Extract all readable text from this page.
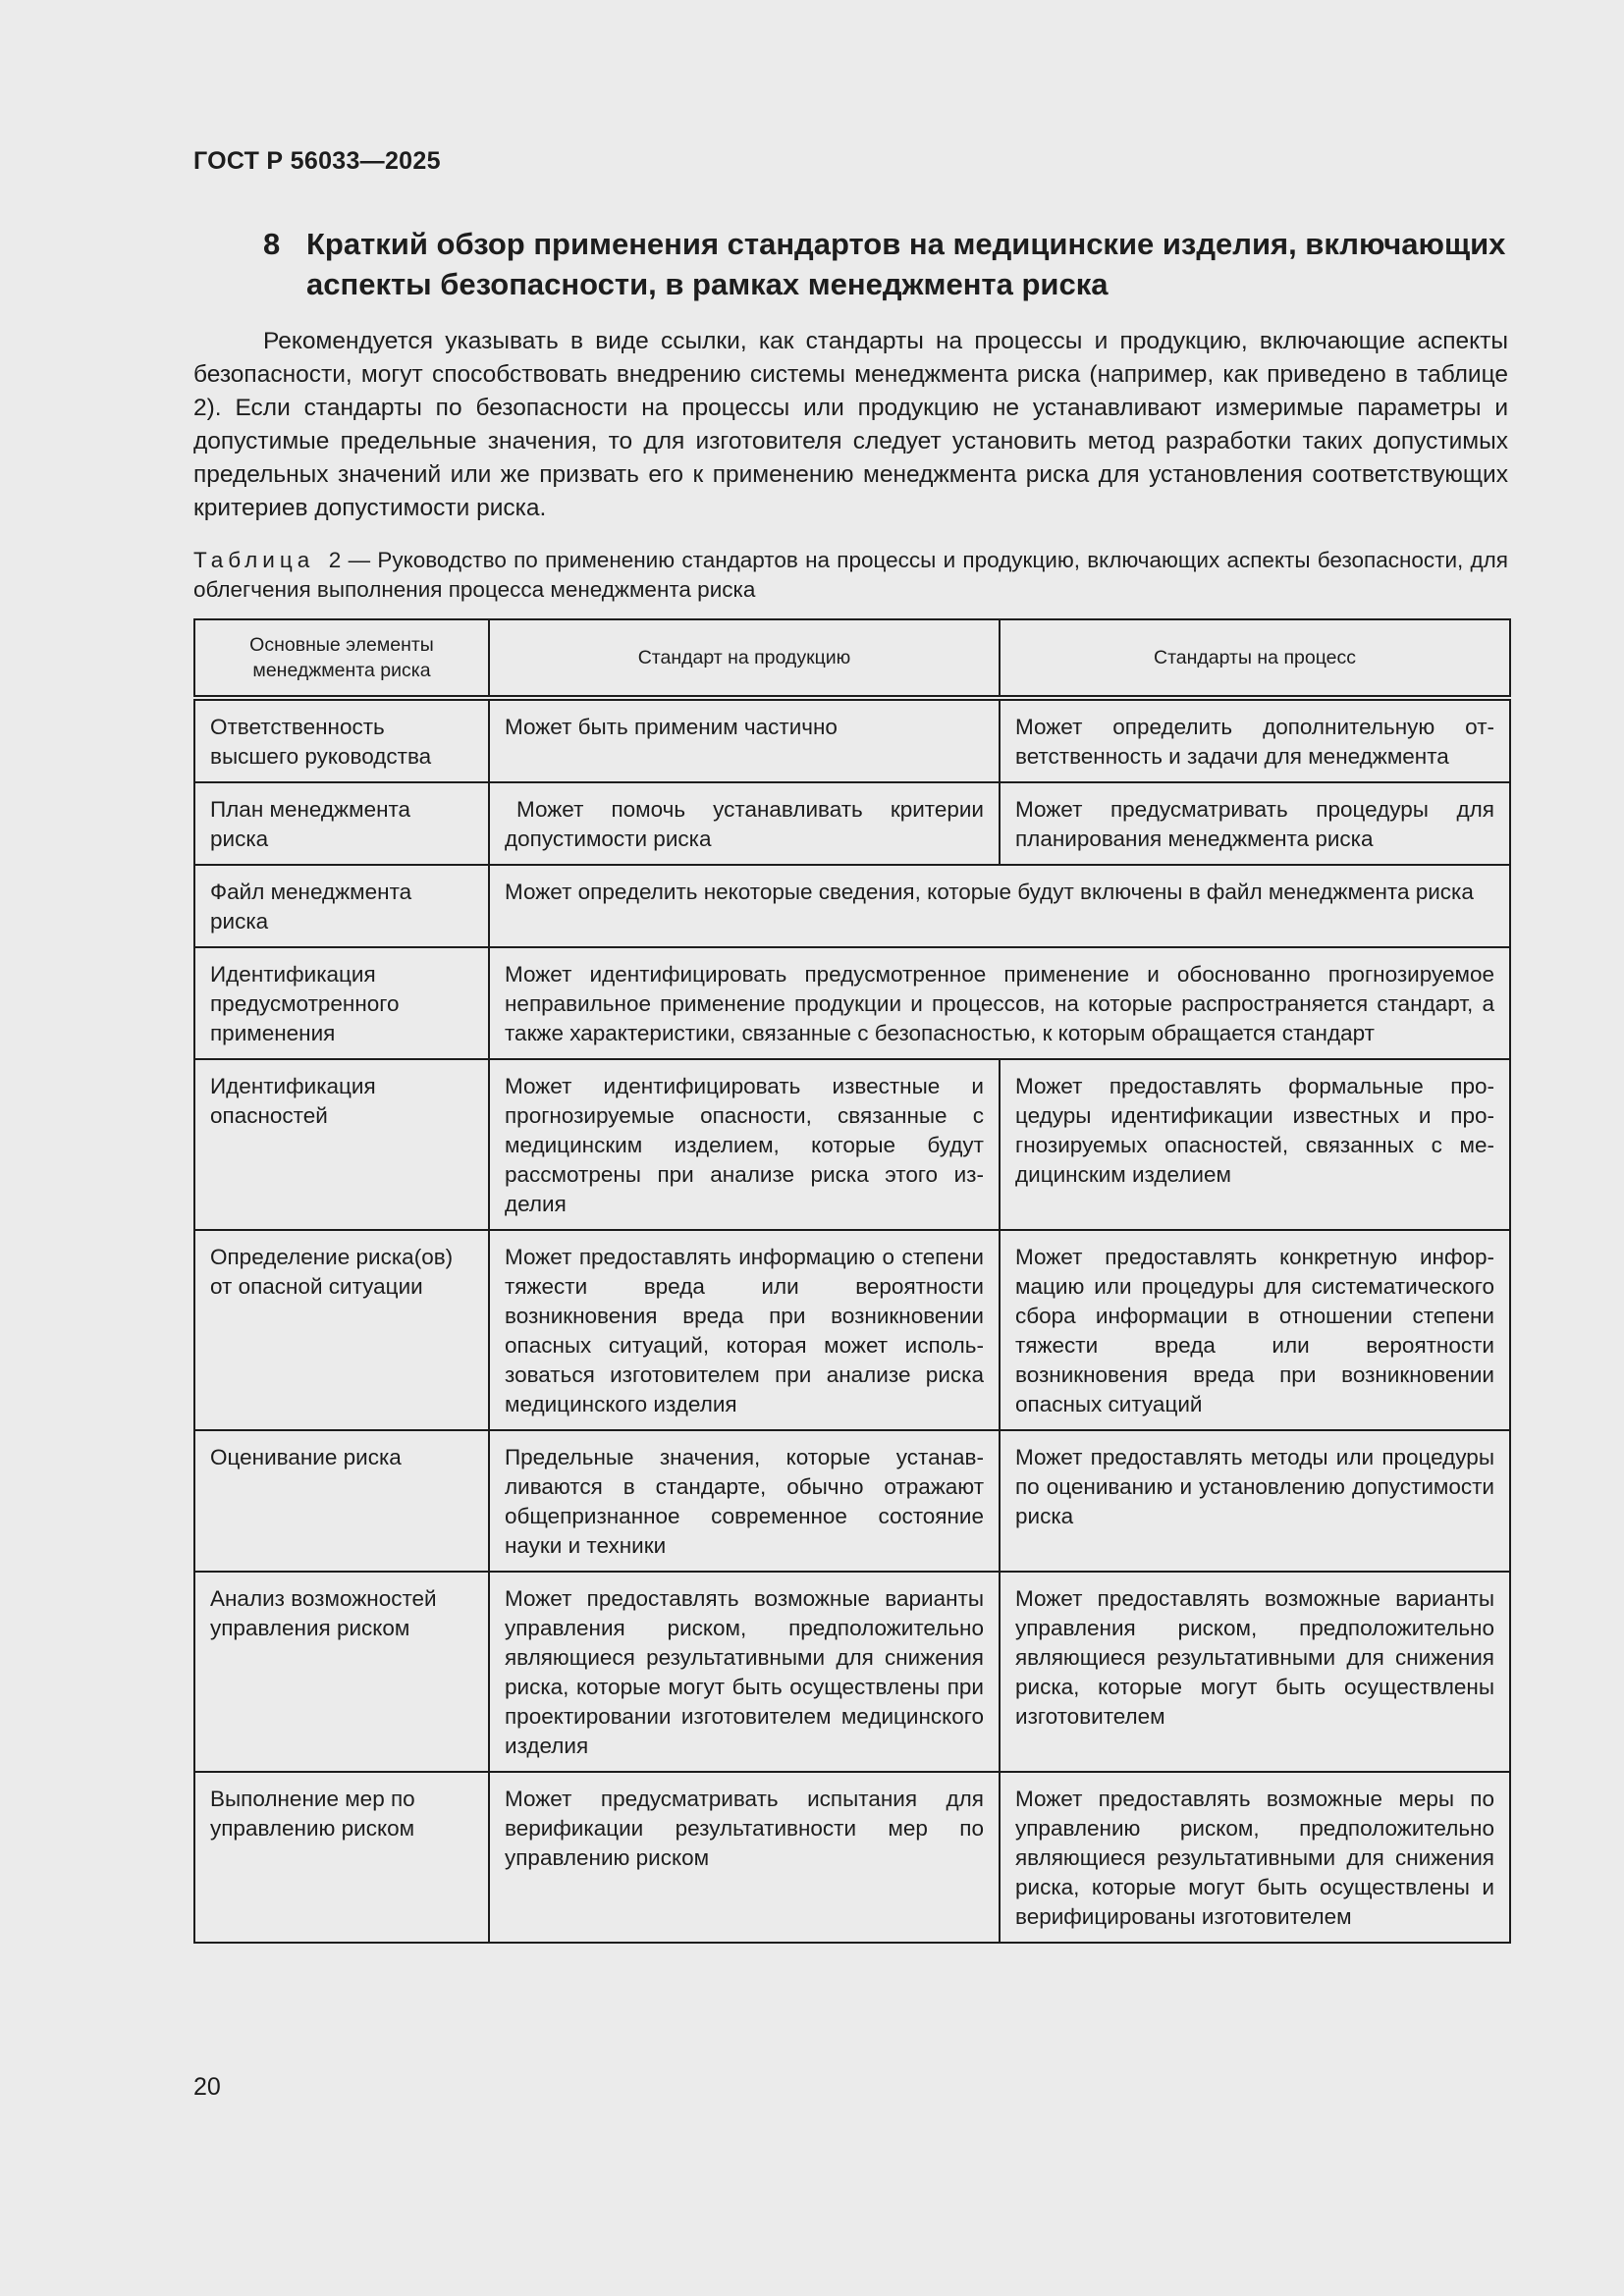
ГОСТ Р 56033—2025
8 Краткий обзор применения стандартов на медицинские изделия, включающих аспекты безопасности, в рамках менеджмента риска

Рекомендуется указывать в виде ссылки, как стандарты на процессы и продукцию, включающие аспекты безопасности, могут способствовать внедрению системы менеджмента риска (например, как приведено в таблице 2). Если стандарты по безопасности на процессы или продукцию не устанавливают измеримые параметры и допустимые предельные значения, то для изготовителя следует установить метод разработки таких допустимых предельных значений или же призвать его к применению менеджмента риска для установления соответствующих критериев допустимости риска.

Таблица 2 — Руководство по применению стандартов на процессы и продукцию, включающих аспекты безопасности, для облегчения выполнения процесса менеджмента риска

Основные элементы менеджмента риска	Стандарт на продукцию	Стандарты на процесс
Ответственность высшего руководства	Может быть применим частично	Может определить дополнительную ответственность и задачи для менеджмента
План менеджмента риска	Может помочь устанавливать критерии допустимости риска	Может предусматривать процедуры для планирования менеджмента риска
Файл менеджмента риска	Может определить некоторые сведения, которые будут включены в файл менеджмента риска	
Идентификация предусмотренного применения	Может идентифицировать предусмотренное применение и обоснованно прогнозируемое неправильное применение продукции и процессов, на которые распространяется стандарт, а также характеристики, связанные с безопасностью, к которым обращается стандарт	
Идентификация опасностей	Может идентифицировать известные и прогнозируемые опасности, связанные с медицинским изделием, которые будут рассмотрены при анализе риска этого изделия	Может предоставлять формальные процедуры идентификации известных и прогнозируемых опасностей, связанных с медицинским изделием
Определение риска(ов) от опасной ситуации	Может предоставлять информацию о степени тяжести вреда или вероятности возникновения вреда при возникновении опасных ситуаций, которая может использоваться изготовителем при анализе риска медицинского изделия	Может предоставлять конкретную информацию или процедуры для систематического сбора информации в отношении степени тяжести вреда или вероятности возникновения вреда при возникновении опасных ситуаций
Оценивание риска	Предельные значения, которые устанавливаются в стандарте, обычно отражают общепризнанное современное состояние науки и техники	Может предоставлять методы или процедуры по оцениванию и установлению допустимости риска
Анализ возможностей управления риском	Может предоставлять возможные варианты управления риском, предположительно являющиеся результативными для снижения риска, которые могут быть осуществлены при проектировании изготовителем медицинского изделия	Может предоставлять возможные варианты управления риском, предположительно являющиеся результативными для снижения риска, которые могут быть осуществлены изготовителем
Выполнение мер по управлению риском	Может предусматривать испытания для верификации результативности мер по управлению риском	Может предоставлять возможные меры по управлению риском, предположительно являющиеся результативными для снижения риска, которые могут быть осуществлены и верифицированы изготовителем
20
